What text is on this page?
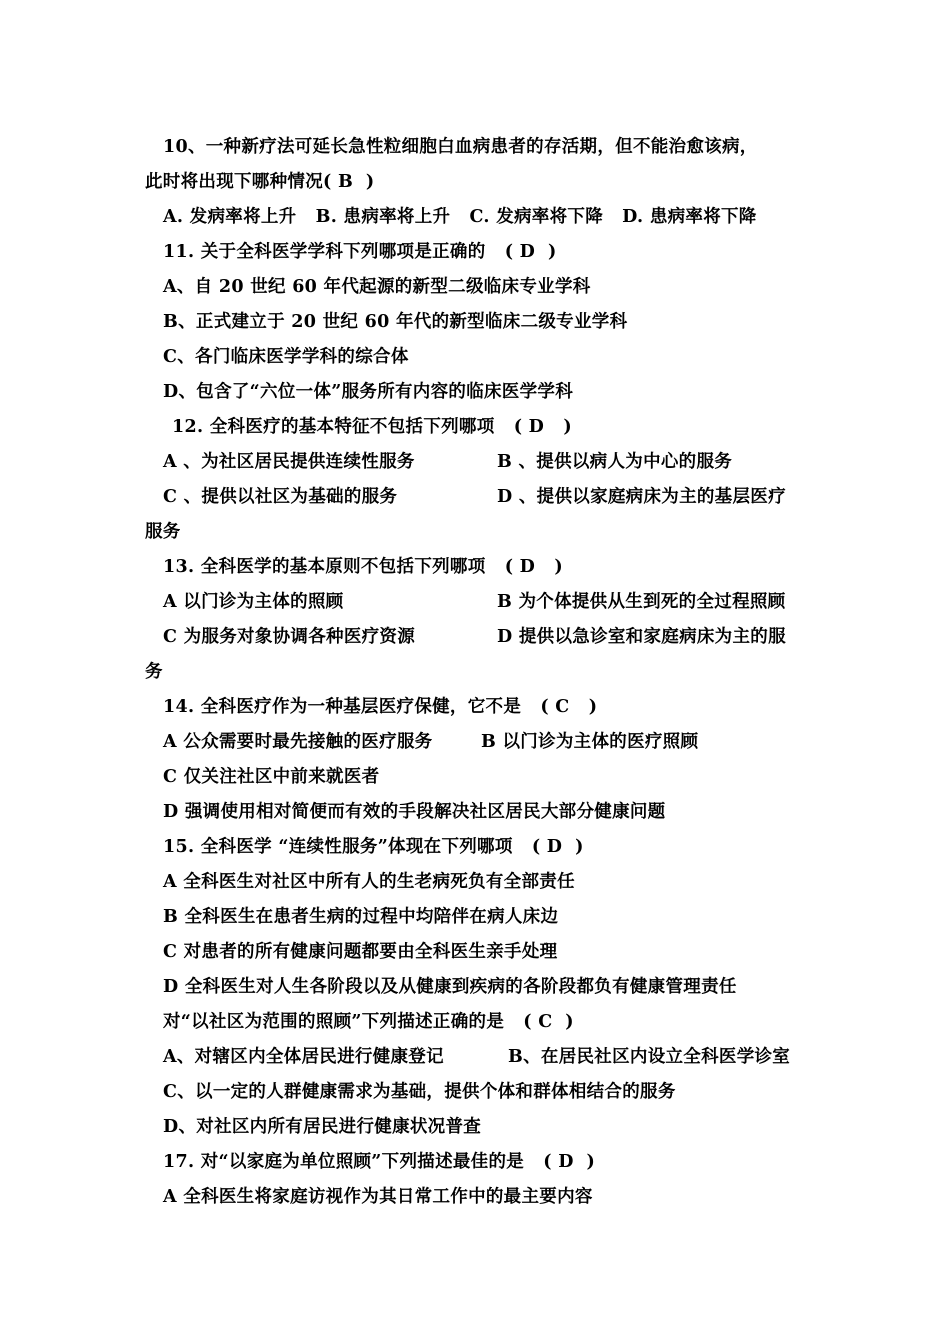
10、一种新疗法可延长急性粒细胞白血病患者的存活期，但不能治愈该病，
此时将出现下哪种情况( B  )
A. 发病率将上升   B. 患病率将上升   C. 发病率将下降   D. 患病率将下降
11. 关于全科医学学科下列哪项是正确的   ( D  )
A、自 20 世纪 60 年代起源的新型二级临床专业学科
B、正式建立于 20 世纪 60 年代的新型临床二级专业学科
C、各门临床医学学科的综合体
D、包含了“六位一体”服务所有内容的临床医学学科
12. 全科医疗的基本特征不包括下列哪项   ( D   )
A 、为社区居民提供连续性服务	B 、提供以病人为中心的服务
C 、提供以社区为基础的服务	D 、提供以家庭病床为主的基层医疗
服务
13. 全科医学的基本原则不包括下列哪项   ( D   )
A 以门诊为主体的照顾	B 为个体提供从生到死的全过程照顾
C 为服务对象协调各种医疗资源	D 提供以急诊室和家庭病床为主的服
务
14. 全科医疗作为一种基层医疗保健，它不是   ( C   )
A 公众需要时最先接触的医疗服务	B 以门诊为主体的医疗照顾
C 仅关注社区中前来就医者
D 强调使用相对简便而有效的手段解决社区居民大部分健康问题
15. 全科医学 “连续性服务”体现在下列哪项   ( D  )
A 全科医生对社区中所有人的生老病死负有全部责任
B 全科医生在患者生病的过程中均陪伴在病人床边
C 对患者的所有健康问题都要由全科医生亲手处理
D 全科医生对人生各阶段以及从健康到疾病的各阶段都负有健康管理责任
对“以社区为范围的照顾”下列描述正确的是   ( C  )
A、对辖区内全体居民进行健康登记	B、在居民社区内设立全科医学诊室
C、以一定的人群健康需求为基础，提供个体和群体相结合的服务
D、对社区内所有居民进行健康状况普查
17. 对“以家庭为单位照顾”下列描述最佳的是   ( D  )
A 全科医生将家庭访视作为其日常工作中的最主要内容
